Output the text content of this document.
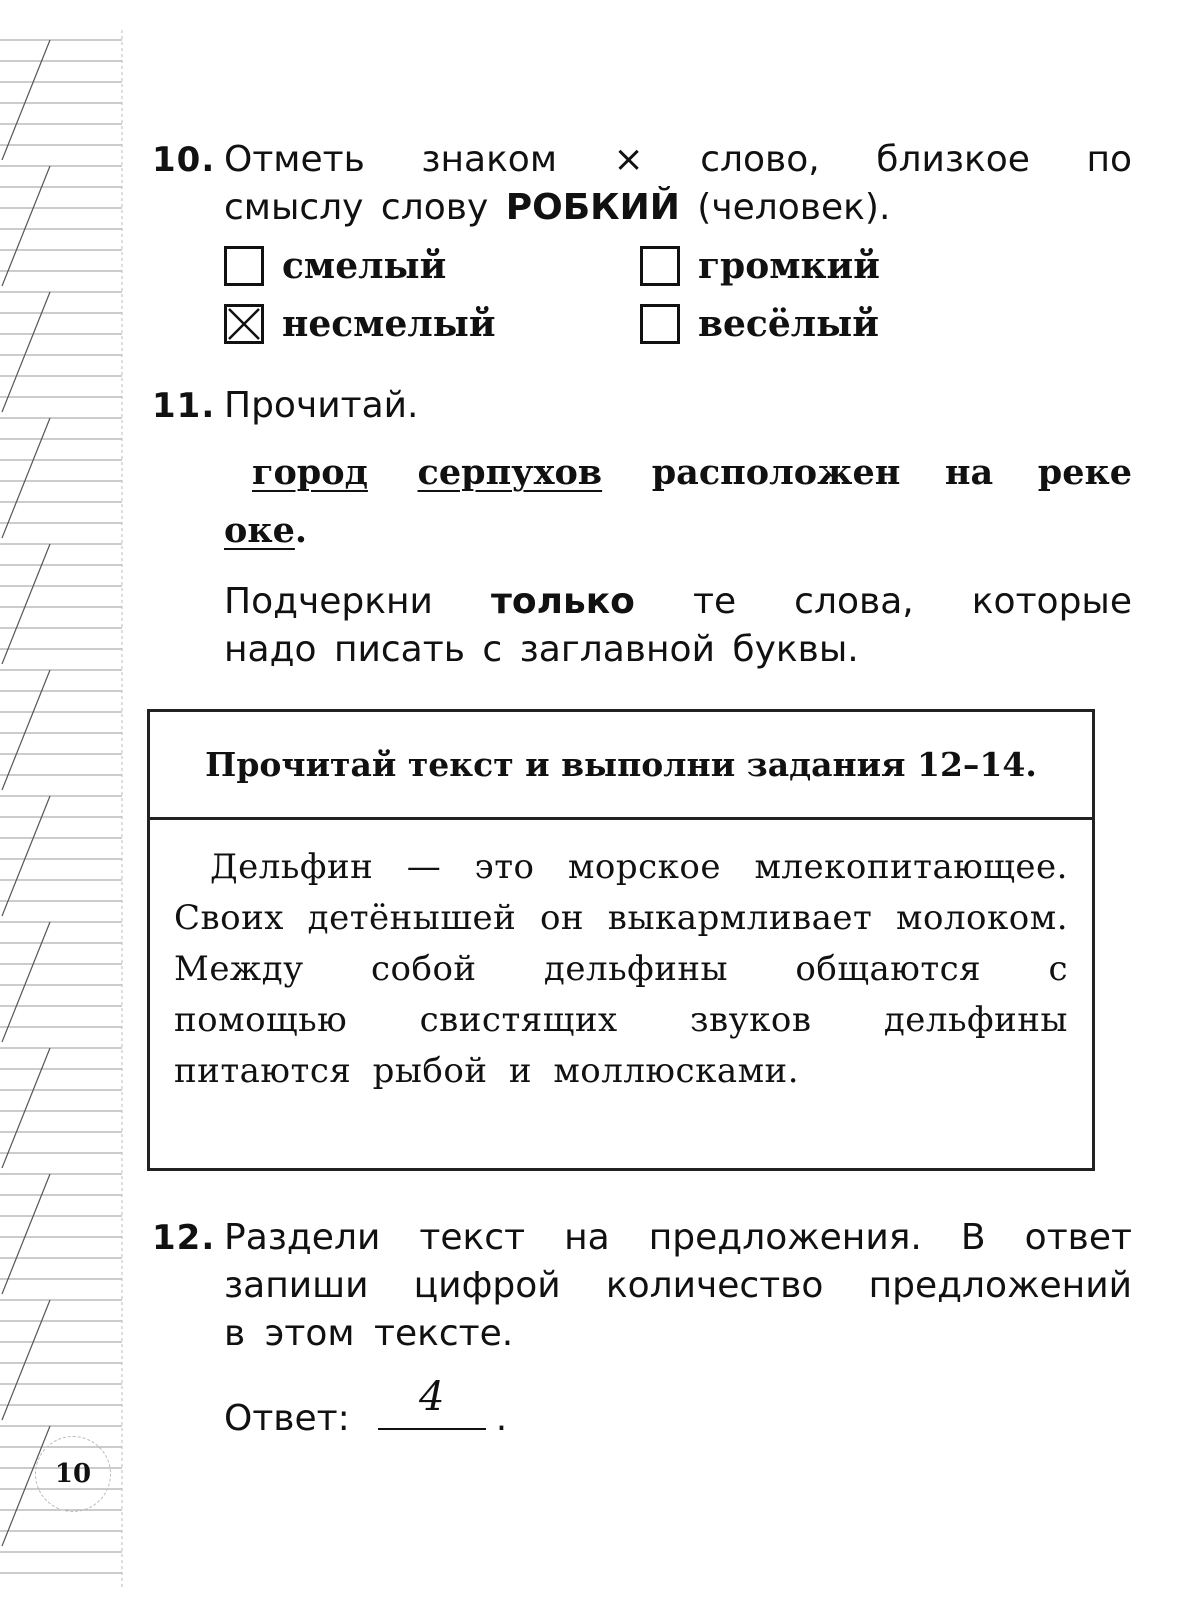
10. Отметь знаком × слово, близкое по
смыслу слову РОБКИЙ (человек).
смелый	громкий
несмелый	весёлый
11. Прочитай.
город серпухов расположен на реке оке.
Подчеркни только те слова, которые
надо писать с заглавной буквы.
Прочитай текст и выполни задания 12–14.
Дельфин — это морское млекопитающее. Своих детёнышей он выкармливает молоком. Между собой дельфины общаются с помощью свистящих звуков дельфины питаются рыбой и моллюсками.
12. Раздели текст на предложения. В ответ
запиши цифрой количество предложений
в этом тексте.
Ответ:	4	.
10
